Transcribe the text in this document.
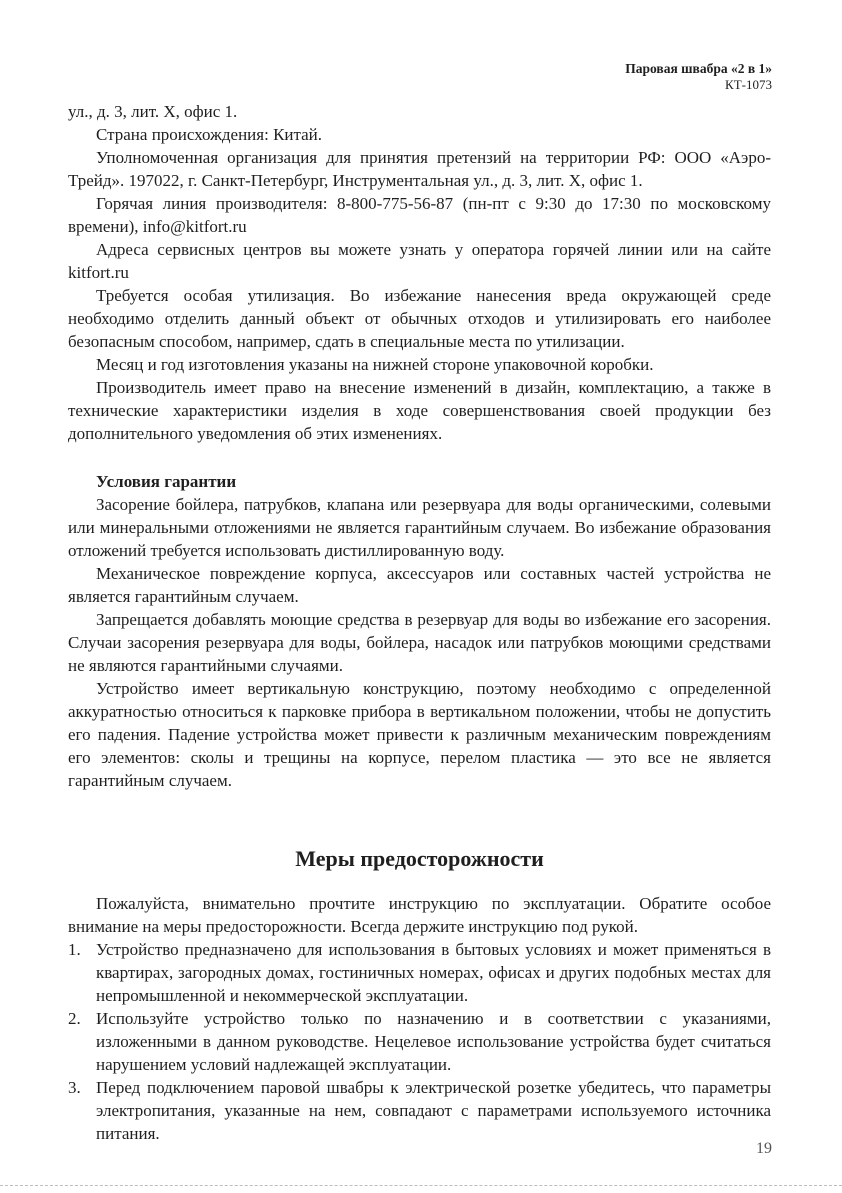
Паровая швабра «2 в 1»
КТ-1073

ул., д. 3, лит. Х, офис 1.

Страна происхождения: Китай.

Уполномоченная организация для принятия претензий на территории РФ: ООО «Аэро-Трейд». 197022, г. Санкт-Петербург, Инструментальная ул., д. 3, лит. Х, офис 1.

Горячая линия производителя: 8-800-775-56-87 (пн-пт с 9:30 до 17:30 по московскому времени), info@kitfort.ru

Адреса сервисных центров вы можете узнать у оператора горячей линии или на сайте kitfort.ru

Требуется особая утилизация. Во избежание нанесения вреда окружающей среде необходимо отделить данный объект от обычных отходов и утилизировать его наиболее безопасным способом, например, сдать в специальные места по утилизации.

Месяц и год изготовления указаны на нижней стороне упаковочной коробки.

Производитель имеет право на внесение изменений в дизайн, комплектацию, а также в технические характеристики изделия в ходе совершенствования своей продукции без дополнительного уведомления об этих изменениях.

Условия гарантии

Засорение бойлера, патрубков, клапана или резервуара для воды органическими, солевыми или минеральными отложениями не является гарантийным случаем. Во избежание образования отложений требуется использовать дистиллированную воду.

Механическое повреждение корпуса, аксессуаров или составных частей устройства не является гарантийным случаем.

Запрещается добавлять моющие средства в резервуар для воды во избежание его засорения. Случаи засорения резервуара для воды, бойлера, насадок или патрубков моющими средствами не являются гарантийными случаями.

Устройство имеет вертикальную конструкцию, поэтому необходимо с определенной аккуратностью относиться к парковке прибора в вертикальном положении, чтобы не допустить его падения. Падение устройства может привести к различным механическим повреждениям его элементов: сколы и трещины на корпусе, перелом пластика — это все не является гарантийным случаем.

Меры предосторожности

Пожалуйста, внимательно прочтите инструкцию по эксплуатации. Обратите особое внимание на меры предосторожности. Всегда держите инструкцию под рукой.

1. Устройство предназначено для использования в бытовых условиях и может применяться в квартирах, загородных домах, гостиничных номерах, офисах и других подобных местах для непромышленной и некоммерческой эксплуатации.
2. Используйте устройство только по назначению и в соответствии с указаниями, изложенными в данном руководстве. Нецелевое использование устройства будет считаться нарушением условий надлежащей эксплуатации.
3. Перед подключением паровой швабры к электрической розетке убедитесь, что параметры электропитания, указанные на нем, совпадают с параметрами используемого источника питания.
19
